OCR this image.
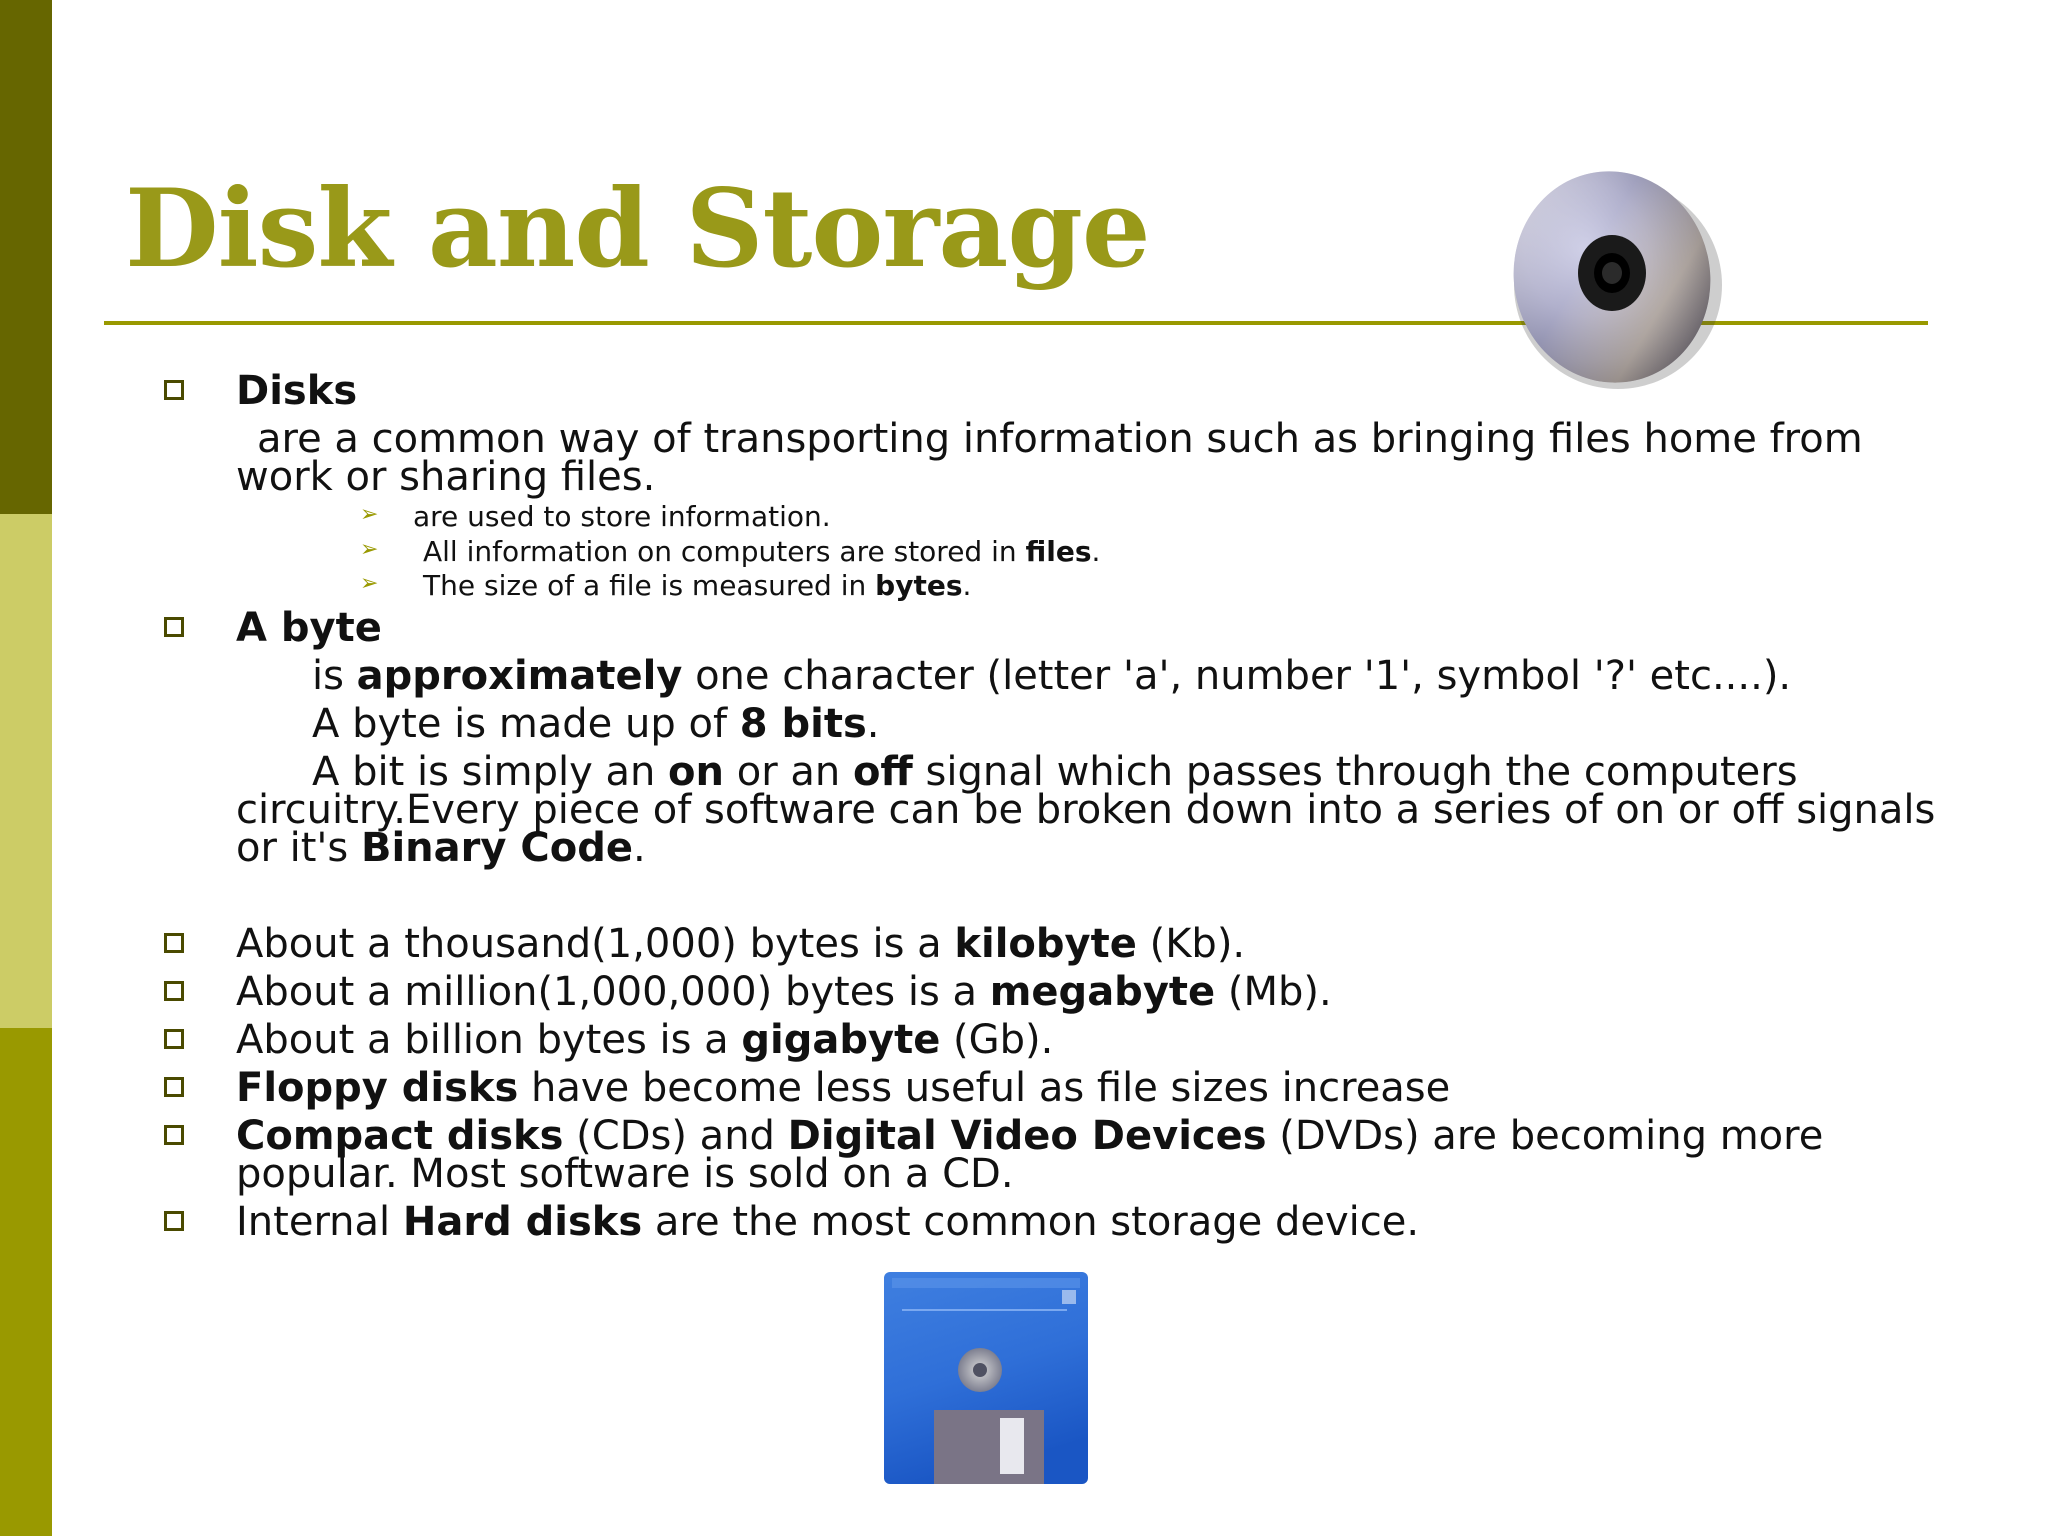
Disk and Storage
Disks
are a common way of transporting information such as bringing files home from
work or sharing files.
➢ are used to store information.
➢ All information on computers are stored in files.
➢ The size of a file is measured in bytes.
A byte
is approximately one character (letter 'a', number '1', symbol '?' etc....).
A byte is made up of 8 bits.
A bit is simply an on or an off signal which passes through the computers
circuitry.Every piece of software can be broken down into a series of on or off signals
or it's Binary Code.
About a thousand(1,000) bytes is a kilobyte (Kb).
About a million(1,000,000) bytes is a megabyte (Mb).
About a billion bytes is a gigabyte (Gb).
Floppy disks have become less useful as file sizes increase
Compact disks (CDs) and Digital Video Devices (DVDs) are becoming more
popular. Most software is sold on a CD.
Internal Hard disks are the most common storage device.
